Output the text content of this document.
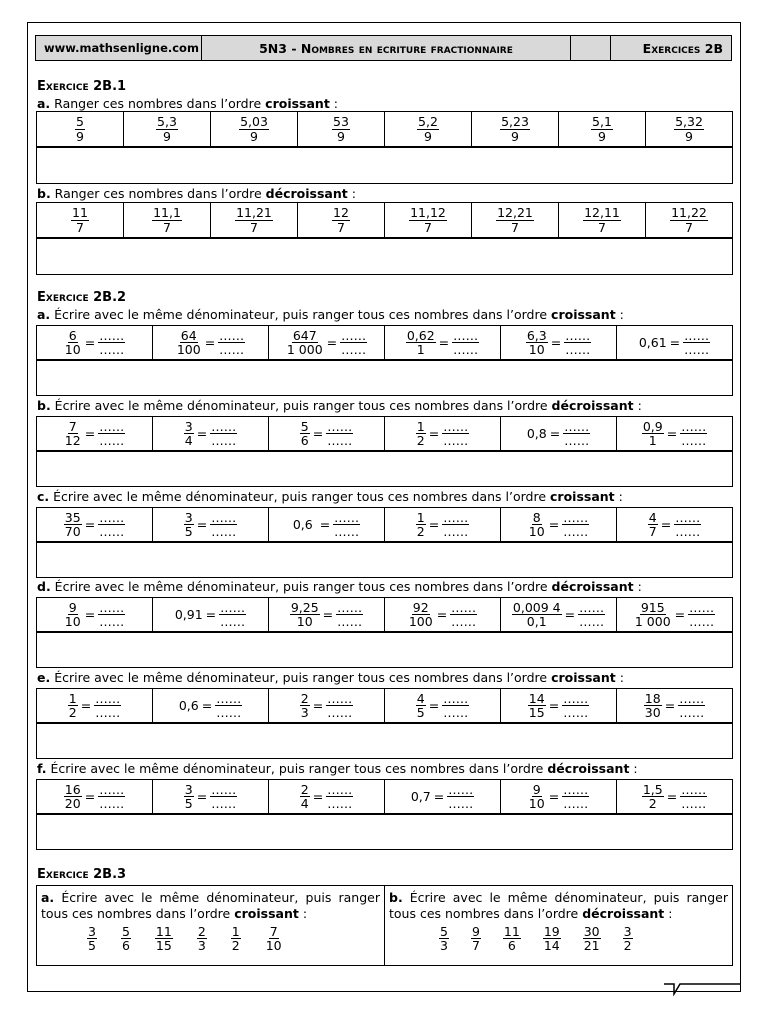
www.mathsenligne.com	5N3 - Nombres en ecriture fractionnaire	Exercices 2B
Exercice 2B.1
a. Ranger ces nombres dans l’ordre croissant :
$\frac{5}{9}$	$\frac{5,3}{9}$	$\frac{5,03}{9}$	$\frac{53}{9}$	$\frac{5,2}{9}$	$\frac{5,23}{9}$	$\frac{5,1}{9}$	$\frac{5,32}{9}$
b. Ranger ces nombres dans l’ordre décroissant :
$\frac{11}{7}$	$\frac{11,1}{7}$	$\frac{11,21}{7}$	$\frac{12}{7}$	$\frac{11,12}{7}$	$\frac{12,21}{7}$	$\frac{12,11}{7}$	$\frac{11,22}{7}$
Exercice 2B.2
a. Écrire avec le même dénominateur, puis ranger tous ces nombres dans l’ordre croissant :
$\frac{6}{10} = \frac{\dots\dots}{\dots\dots}$	$\frac{64}{100} = \frac{\dots\dots}{\dots\dots}$	$\frac{647}{1 000} = \frac{\dots\dots}{\dots\dots}$	$\frac{0,62}{1} = \frac{\dots\dots}{\dots\dots}$	$\frac{6,3}{10} = \frac{\dots\dots}{\dots\dots}$	$0,61 = \frac{\dots\dots}{\dots\dots}$
b. Écrire avec le même dénominateur, puis ranger tous ces nombres dans l’ordre décroissant :
$\frac{7}{12} = \frac{\dots\dots}{\dots\dots}$	$\frac{3}{4} = \frac{\dots\dots}{\dots\dots}$	$\frac{5}{6} = \frac{\dots\dots}{\dots\dots}$	$\frac{1}{2} = \frac{\dots\dots}{\dots\dots}$	$0,8 = \frac{\dots\dots}{\dots\dots}$	$\frac{0,9}{1} = \frac{\dots\dots}{\dots\dots}$
c. Écrire avec le même dénominateur, puis ranger tous ces nombres dans l’ordre croissant :
$\frac{35}{70} = \frac{\dots\dots}{\dots\dots}$	$\frac{3}{5} = \frac{\dots\dots}{\dots\dots}$	$0,6 = \frac{\dots\dots}{\dots\dots}$	$\frac{1}{2} = \frac{\dots\dots}{\dots\dots}$	$\frac{8}{10} = \frac{\dots\dots}{\dots\dots}$	$\frac{4}{7} = \frac{\dots\dots}{\dots\dots}$
d. Écrire avec le même dénominateur, puis ranger tous ces nombres dans l’ordre décroissant :
$\frac{9}{10} = \frac{\dots\dots}{\dots\dots}$	$0,91 = \frac{\dots\dots}{\dots\dots}$	$\frac{9,25}{10} = \frac{\dots\dots}{\dots\dots}$	$\frac{92}{100} = \frac{\dots\dots}{\dots\dots}$	$\frac{0,009 4}{0,1} = \frac{\dots\dots}{\dots\dots}$	$\frac{915}{1 000} = \frac{\dots\dots}{\dots\dots}$
e. Écrire avec le même dénominateur, puis ranger tous ces nombres dans l’ordre croissant :
$\frac{1}{2} = \frac{\dots\dots}{\dots\dots}$	$0,6 = \frac{\dots\dots}{\dots\dots}$	$\frac{2}{3} = \frac{\dots\dots}{\dots\dots}$	$\frac{4}{5} = \frac{\dots\dots}{\dots\dots}$	$\frac{14}{15} = \frac{\dots\dots}{\dots\dots}$	$\frac{18}{30} = \frac{\dots\dots}{\dots\dots}$
f. Écrire avec le même dénominateur, puis ranger tous ces nombres dans l’ordre décroissant :
$\frac{16}{20} = \frac{\dots\dots}{\dots\dots}$	$\frac{3}{5} = \frac{\dots\dots}{\dots\dots}$	$\frac{2}{4} = \frac{\dots\dots}{\dots\dots}$	$0,7 = \frac{\dots\dots}{\dots\dots}$	$\frac{9}{10} = \frac{\dots\dots}{\dots\dots}$	$\frac{1,5}{2} = \frac{\dots\dots}{\dots\dots}$
Exercice 2B.3
a. Écrire avec le même dénominateur, puis ranger tous ces nombres dans l’ordre croissant :
$\frac{3}{5} \frac{5}{6} \frac{11}{15} \frac{2}{3} \frac{1}{2} \frac{7}{10}$
b. Écrire avec le même dénominateur, puis ranger tous ces nombres dans l’ordre décroissant :
$\frac{5}{3} \frac{9}{7} \frac{11}{6} \frac{19}{14} \frac{30}{21} \frac{3}{2}$
